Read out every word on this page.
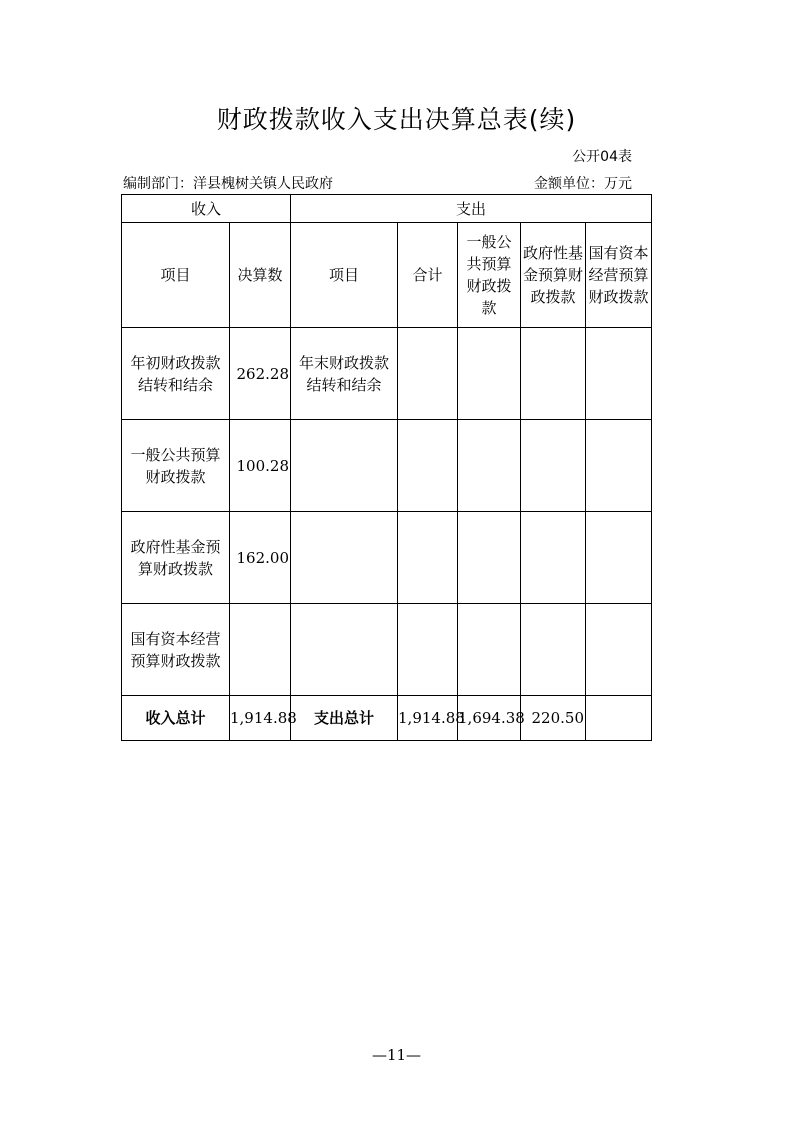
财政拨款收入支出决算总表(续)
公开04表
编制部门：洋县槐树关镇人民政府	金额单位：万元
收入		支出				
项目	决算数	项目	合计	一般公共预算财政拨款	政府性基金预算财政拨款	国有资本经营预算财政拨款
年初财政拨款结转和结余	262.28	年末财政拨款结转和结余				
一般公共预算财政拨款	100.28					
政府性基金预算财政拨款	162.00					
国有资本经营预算财政拨款						
收入总计	1,914.88	支出总计	1,914.88	1,694.38	220.50	
—11—
